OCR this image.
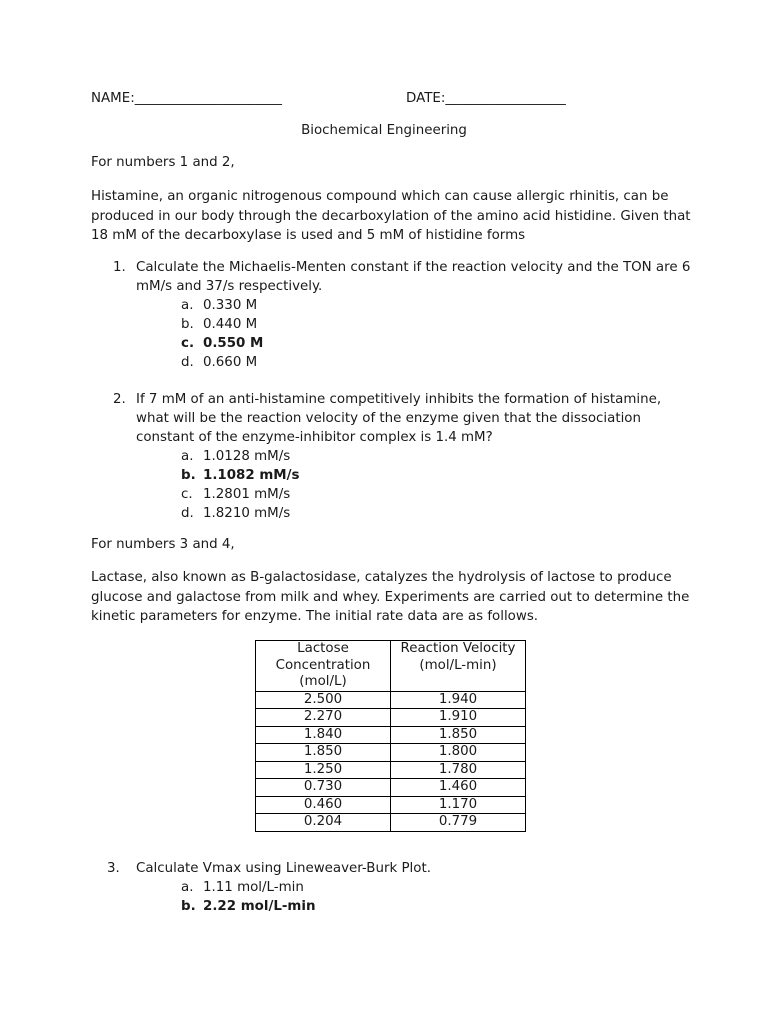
NAME:______________________	DATE:__________________
Biochemical Engineering
For numbers 1 and 2,
Histamine, an organic nitrogenous compound which can cause allergic rhinitis, can be produced in our body through the decarboxylation of the amino acid histidine. Given that 18 mM of the decarboxylase is used and 5 mM of histidine forms
1. Calculate the Michaelis-Menten constant if the reaction velocity and the TON are 6 mM/s and 37/s respectively.
a. 0.330 M
b. 0.440 M
c. 0.550 M
d. 0.660 M
2. If 7 mM of an anti-histamine competitively inhibits the formation of histamine, what will be the reaction velocity of the enzyme given that the dissociation constant of the enzyme-inhibitor complex is 1.4 mM?
a. 1.0128 mM/s
b. 1.1082 mM/s
c. 1.2801 mM/s
d. 1.8210 mM/s
For numbers 3 and 4,
Lactase, also known as B-galactosidase, catalyzes the hydrolysis of lactose to produce glucose and galactose from milk and whey. Experiments are carried out to determine the kinetic parameters for enzyme. The initial rate data are as follows.
Lactose Concentration (mol/L)	Reaction Velocity (mol/L-min)
2.500	1.940
2.270	1.910
1.840	1.850
1.850	1.800
1.250	1.780
0.730	1.460
0.460	1.170
0.204	0.779
3. Calculate Vmax using Lineweaver-Burk Plot.
a. 1.11 mol/L-min
b. 2.22 mol/L-min
